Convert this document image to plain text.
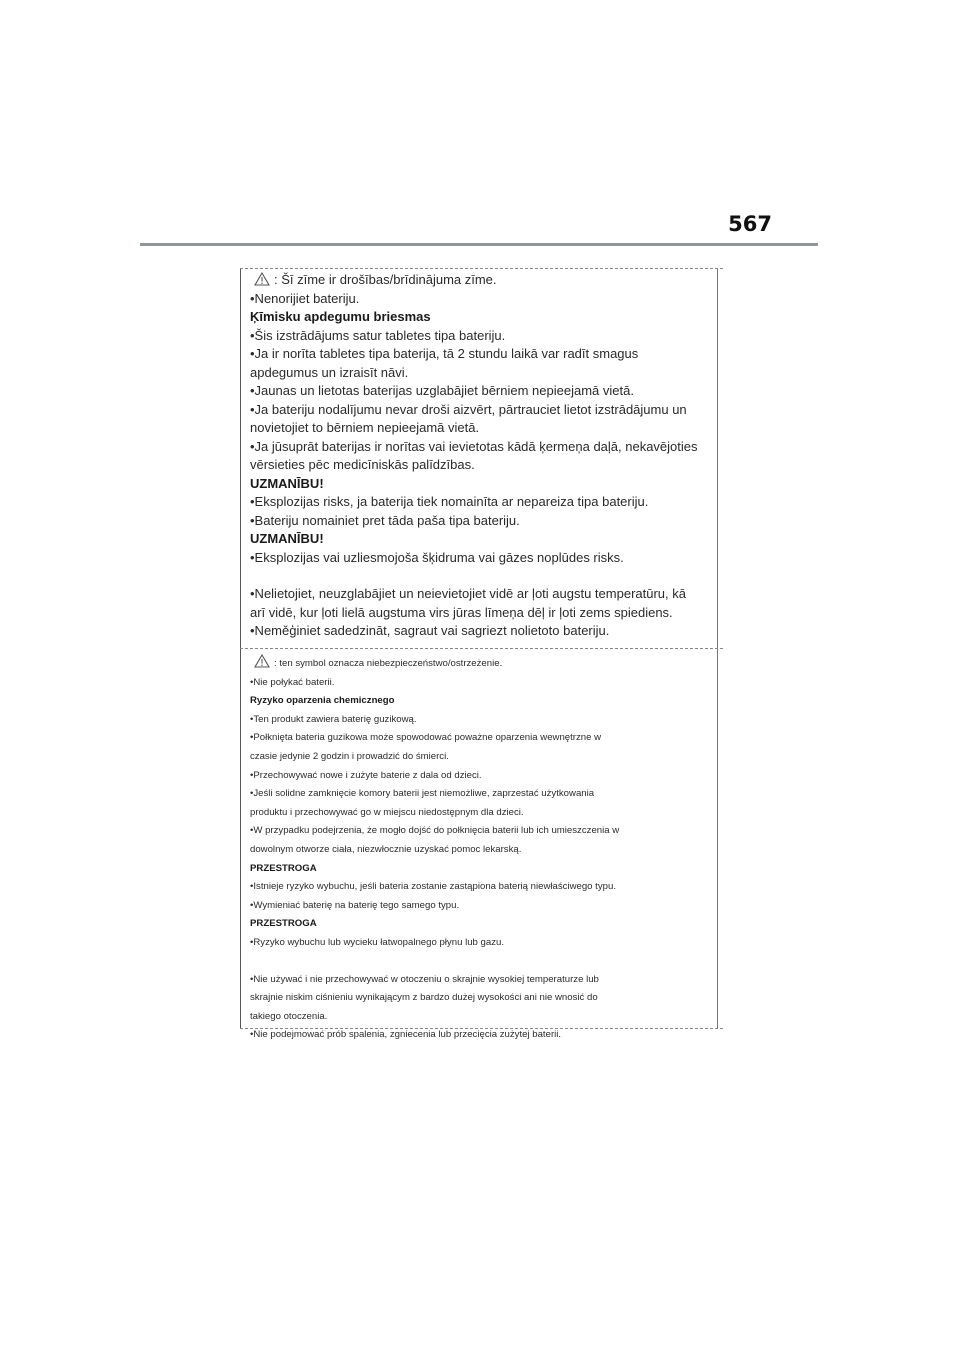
567

: Šī zīme ir drošības/brīdinājuma zīme.

•Nenorijiet bateriju.

Ķīmisku apdegumu briesmas

•Šis izstrādājums satur tabletes tipa bateriju.

•Ja ir norīta tabletes tipa baterija, tā 2 stundu laikā var radīt smagus

apdegumus un izraisīt nāvi.

•Jaunas un lietotas baterijas uzglabājiet bērniem nepieejamā vietā.

•Ja bateriju nodalījumu nevar droši aizvērt, pārtrauciet lietot izstrādājumu un

novietojiet to bērniem nepieejamā vietā.

•Ja jūsuprāt baterijas ir norītas vai ievietotas kādā ķermeņa daļā, nekavējoties

vērsieties pēc medicīniskās palīdzības.

UZMANĪBU!

•Eksplozijas risks, ja baterija tiek nomainīta ar nepareiza tipa bateriju.

•Bateriju nomainiet pret tāda paša tipa bateriju.

UZMANĪBU!

•Eksplozijas vai uzliesmojoša šķidruma vai gāzes noplūdes risks.

•Nelietojiet, neuzglabājiet un neievietojiet vidē ar ļoti augstu temperatūru, kā

arī vidē, kur ļoti lielā augstuma virs jūras līmeņa dēļ ir ļoti zems spiediens.

•Neměģiniet sadedzināt, sagraut vai sagriezt nolietoto bateriju.

: ten symbol oznacza niebezpieczeństwo/ostrzeżenie.

•Nie połykać baterii.

Ryzyko oparzenia chemicznego

•Ten produkt zawiera baterię guzikową.

•Połknięta bateria guzikowa może spowodować poważne oparzenia wewnętrzne w

czasie jedynie 2 godzin i prowadzić do śmierci.

•Przechowywać nowe i zużyte baterie z dala od dzieci.

•Jeśli solidne zamknięcie komory baterii jest niemożliwe, zaprzestać użytkowania

produktu i przechowywać go w miejscu niedostępnym dla dzieci.

•W przypadku podejrzenia, że mogło dojść do połknięcia baterii lub ich umieszczenia w

dowolnym otworze ciała, niezwłocznie uzyskać pomoc lekarską.

PRZESTROGA

•Istnieje ryzyko wybuchu, jeśli bateria zostanie zastąpiona baterią niewłaściwego typu.

•Wymieniać baterię na baterię tego samego typu.

PRZESTROGA

•Ryzyko wybuchu lub wycieku łatwopalnego płynu lub gazu.

•Nie używać i nie przechowywać w otoczeniu o skrajnie wysokiej temperaturze lub

skrajnie niskim ciśnieniu wynikającym z bardzo dużej wysokości ani nie wnosić do

takiego otoczenia.

•Nie podejmować prób spalenia, zgniecenia lub przecięcia zużytej baterii.
